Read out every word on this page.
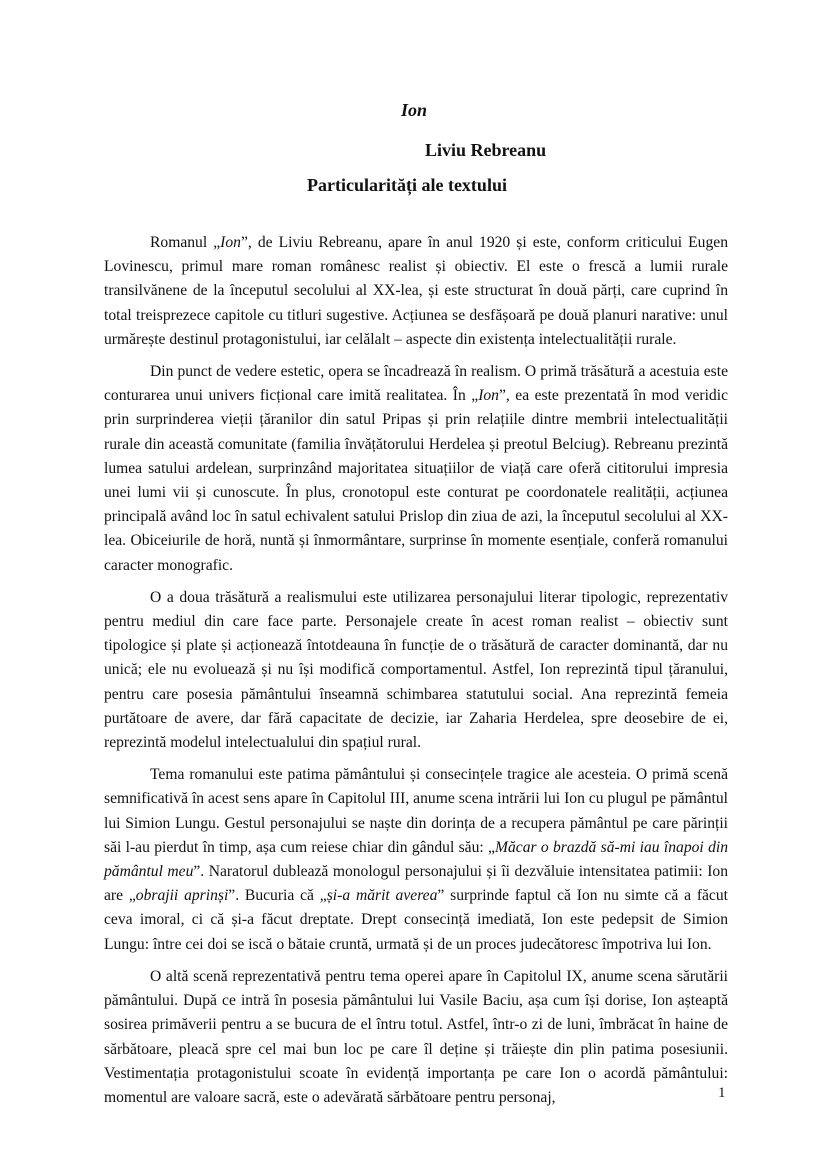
Ion
Liviu Rebreanu
Particularități ale textului

Romanul „Ion”, de Liviu Rebreanu, apare în anul 1920 și este, conform criticului Eugen Lovinescu, primul mare roman românesc realist și obiectiv. El este o frescă a lumii rurale transilvănene de la începutul secolului al XX-lea, și este structurat în două părți, care cuprind în total treisprezece capitole cu titluri sugestive. Acțiunea se desfășoară pe două planuri narative: unul urmărește destinul protagonistului, iar celălalt – aspecte din existența intelectualității rurale.

Din punct de vedere estetic, opera se încadrează în realism. O primă trăsătură a acestuia este conturarea unui univers ficțional care imită realitatea. În „Ion”, ea este prezentată în mod veridic prin surprinderea vieții țăranilor din satul Pripas și prin relațiile dintre membrii intelectualității rurale din această comunitate (familia învățătorului Herdelea și preotul Belciug). Rebreanu prezintă lumea satului ardelean, surprinzând majoritatea situațiilor de viață care oferă cititorului impresia unei lumi vii și cunoscute. În plus, cronotopul este conturat pe coordonatele realității, acțiunea principală având loc în satul echivalent satului Prislop din ziua de azi, la începutul secolului al XX-lea. Obiceiurile de horă, nuntă și înmormântare, surprinse în momente esențiale, conferă romanului caracter monografic.

O a doua trăsătură a realismului este utilizarea personajului literar tipologic, reprezentativ pentru mediul din care face parte. Personajele create în acest roman realist – obiectiv sunt tipologice și plate și acționează întotdeauna în funcție de o trăsătură de caracter dominantă, dar nu unică; ele nu evoluează și nu își modifică comportamentul. Astfel, Ion reprezintă tipul țăranului, pentru care posesia pământului înseamnă schimbarea statutului social. Ana reprezintă femeia purtătoare de avere, dar fără capacitate de decizie, iar Zaharia Herdelea, spre deosebire de ei, reprezintă modelul intelectualului din spațiul rural.

Tema romanului este patima pământului și consecințele tragice ale acesteia. O primă scenă semnificativă în acest sens apare în Capitolul III, anume scena intrării lui Ion cu plugul pe pământul lui Simion Lungu. Gestul personajului se naște din dorința de a recupera pământul pe care părinții săi l-au pierdut în timp, așa cum reiese chiar din gândul său: „Măcar o brazdă să-mi iau înapoi din pământul meu”. Naratorul dublează monologul personajului și îi dezvăluie intensitatea patimii: Ion are „obrajii aprinși”. Bucuria că „și-a mărit averea” surprinde faptul că Ion nu simte că a făcut ceva imoral, ci că și-a făcut dreptate. Drept consecință imediată, Ion este pedepsit de Simion Lungu: între cei doi se iscă o bătaie cruntă, urmată și de un proces judecătoresc împotriva lui Ion.

O altă scenă reprezentativă pentru tema operei apare în Capitolul IX, anume scena sărutării pământului. După ce intră în posesia pământului lui Vasile Baciu, așa cum își dorise, Ion așteaptă sosirea primăverii pentru a se bucura de el întru totul. Astfel, într-o zi de luni, îmbrăcat în haine de sărbătoare, pleacă spre cel mai bun loc pe care îl deține și trăiește din plin patima posesiunii. Vestimentația protagonistului scoate în evidență importanța pe care Ion o acordă pământului: momentul are valoare sacră, este o adevărată sărbătoare pentru personaj,	1
